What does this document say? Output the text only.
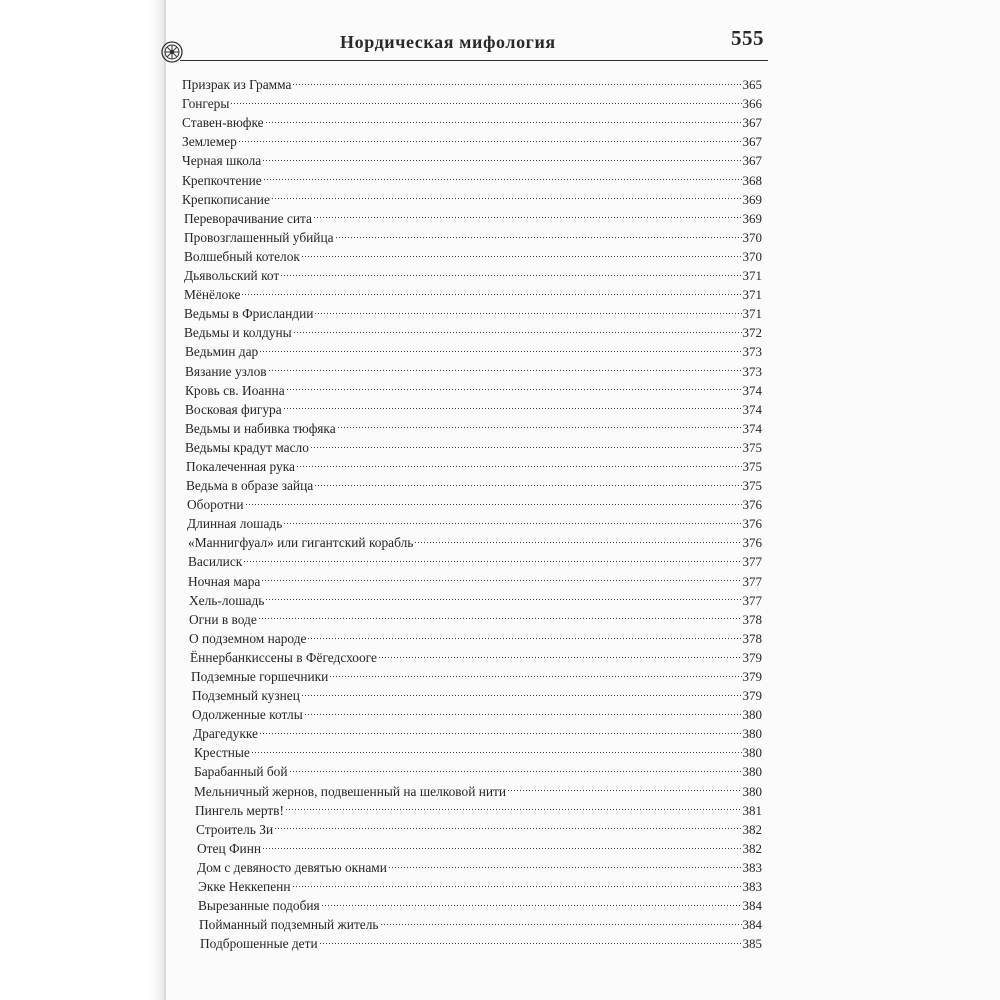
Нордическая мифология	555
Призрак из Грамма	365
Гонгеры	366
Ставен-вюфке	367
Землемер	367
Черная школа	367
Крепкочтение	368
Крепкописание	369
Переворачивание сита	369
Провозглашенный убийца	370
Волшебный котелок	370
Дьявольский кот	371
Мёнёлоке	371
Ведьмы в Фрисландии	371
Ведьмы и колдуны	372
Ведьмин дар	373
Вязание узлов	373
Кровь св. Иоанна	374
Восковая фигура	374
Ведьмы и набивка тюфяка	374
Ведьмы крадут масло	375
Покалеченная рука	375
Ведьма в образе зайца	375
Оборотни	376
Длинная лошадь	376
«Маннигфуал» или гигантский корабль	376
Василиск	377
Ночная мара	377
Хель-лошадь	377
Огни в воде	378
О подземном народе	378
Ённербанкиссены в Фёгедсхооге	379
Подземные горшечники	379
Подземный кузнец	379
Одолженные котлы	380
Драгедукке	380
Крестные	380
Барабанный бой	380
Мельничный жернов, подвешенный на шелковой нити	380
Пингель мертв!	381
Строитель Зи	382
Отец Финн	382
Дом с девяносто девятью окнами	383
Экке Неккепенн	383
Вырезанные подобия	384
Пойманный подземный житель	384
Подброшенные дети	385
